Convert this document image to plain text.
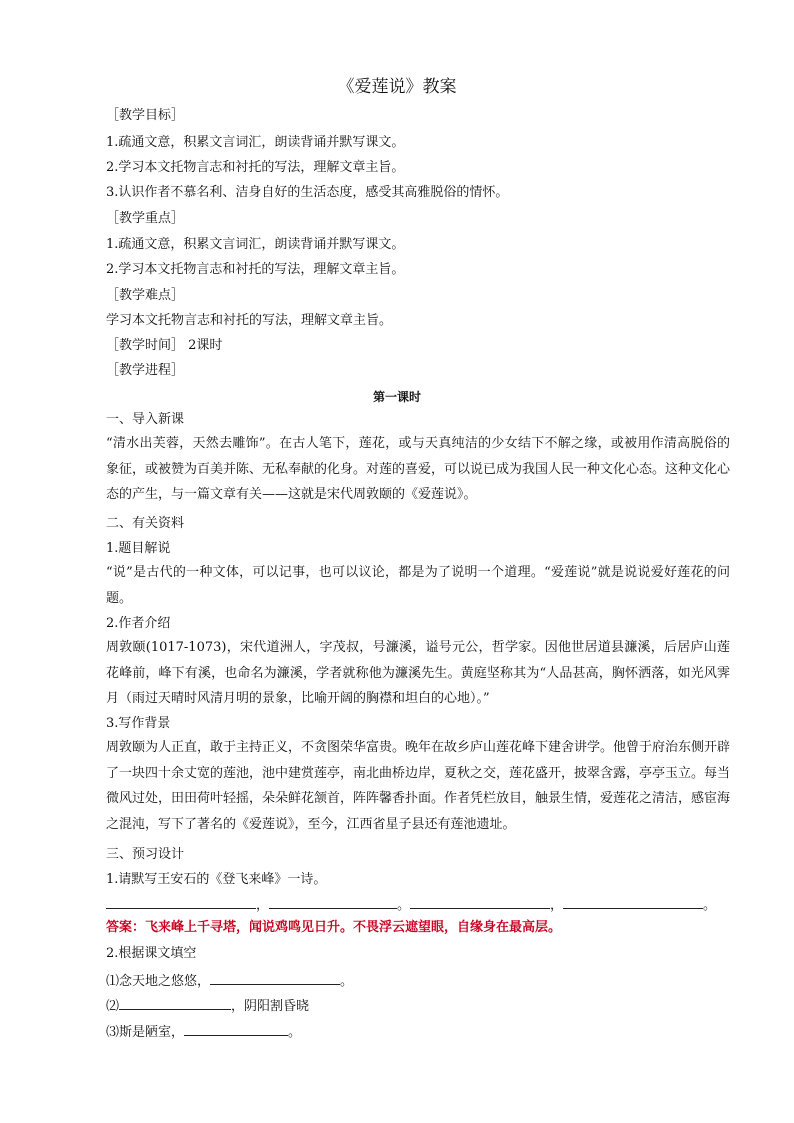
《爱莲说》教案
［教学目标］
1.疏通文意，积累文言词汇，朗读背诵并默写课文。
2.学习本文托物言志和衬托的写法，理解文章主旨。
3.认识作者不慕名利、洁身自好的生活态度，感受其高雅脱俗的情怀。
［教学重点］
1.疏通文意，积累文言词汇，朗读背诵并默写课文。
2.学习本文托物言志和衬托的写法，理解文章主旨。
［教学难点］
学习本文托物言志和衬托的写法，理解文章主旨。
［教学时间］ 2课时
［教学进程］
第一课时
一、导入新课
“清水出芙蓉，天然去雕饰”。在古人笔下，莲花，或与天真纯洁的少女结下不解之缘，或被用作清高脱俗的象征，或被赞为百美并陈、无私奉献的化身。对莲的喜爱，可以说已成为我国人民一种文化心态。这种文化心态的产生，与一篇文章有关——这就是宋代周敦颐的《爱莲说》。
二、有关资料
1.题目解说
“说”是古代的一种文体，可以记事，也可以议论，都是为了说明一个道理。“爱莲说”就是说说爱好莲花的问题。
2.作者介绍
周敦颐(1017-1073)，宋代道洲人，字茂叔，号濂溪，谥号元公，哲学家。因他世居道县濂溪，后居庐山莲花峰前，峰下有溪，也命名为濂溪，学者就称他为濂溪先生。黄庭坚称其为“人品甚高，胸怀洒落，如光风霁月（雨过天晴时风清月明的景象，比喻开阔的胸襟和坦白的心地）。”
3.写作背景
周敦颐为人正直，敢于主持正义，不贪图荣华富贵。晚年在故乡庐山莲花峰下建舍讲学。他曾于府治东侧开辟了一块四十余丈宽的莲池，池中建赏莲亭，南北曲桥边岸，夏秋之交，莲花盛开，披翠含露，亭亭玉立。每当微风过处，田田荷叶轻摇，朵朵鲜花颔首，阵阵馨香扑面。作者凭栏放目，触景生情，爱莲花之清洁，感宦海之混沌，写下了著名的《爱莲说》，至今，江西省星子县还有莲池遗址。
三、预习设计
1.请默写王安石的《登飞来峰》一诗。
，	。	，	。
答案：飞来峰上千寻塔，闻说鸡鸣见日升。不畏浮云遮望眼，自缘身在最高层。
2.根据课文填空
⑴念天地之悠悠，	。
⑵	，阴阳割昏晓
⑶斯是陋室，	。
